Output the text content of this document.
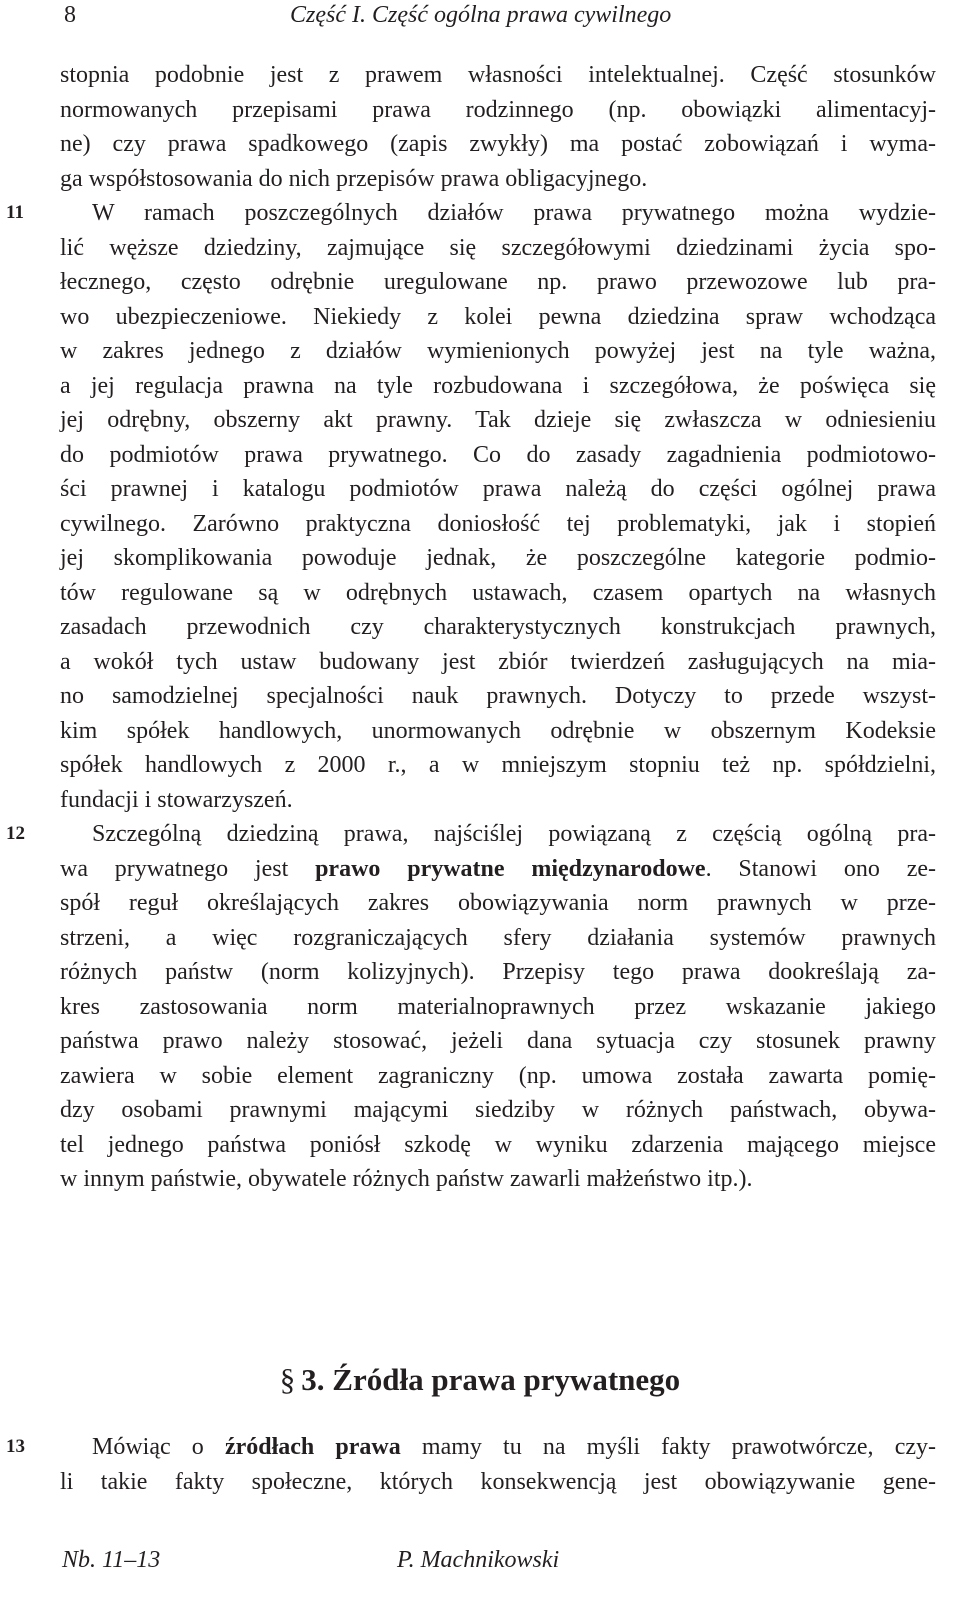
8	Część I. Część ogólna prawa cywilnego
stopnia podobnie jest z prawem własności intelektualnej. Część stosunków
normowanych przepisami prawa rodzinnego (np. obowiązki alimentacyj-
ne) czy prawa spadkowego (zapis zwykły) ma postać zobowiązań i wyma-
ga współstosowania do nich przepisów prawa obligacyjnego.
11	W ramach poszczególnych działów prawa prywatnego można wydzie-
lić węższe dziedziny, zajmujące się szczegółowymi dziedzinami życia spo-
łecznego, często odrębnie uregulowane np. prawo przewozowe lub pra-
wo ubezpieczeniowe. Niekiedy z kolei pewna dziedzina spraw wchodząca
w zakres jednego z działów wymienionych powyżej jest na tyle ważna,
a jej regulacja prawna na tyle rozbudowana i szczegółowa, że poświęca się
jej odrębny, obszerny akt prawny. Tak dzieje się zwłaszcza w odniesieniu
do podmiotów prawa prywatnego. Co do zasady zagadnienia podmiotowo-
ści prawnej i katalogu podmiotów prawa należą do części ogólnej prawa
cywilnego. Zarówno praktyczna doniosłość tej problematyki, jak i stopień
jej skomplikowania powoduje jednak, że poszczególne kategorie podmio-
tów regulowane są w odrębnych ustawach, czasem opartych na własnych
zasadach przewodnich czy charakterystycznych konstrukcjach prawnych,
a wokół tych ustaw budowany jest zbiór twierdzeń zasługujących na mia-
no samodzielnej specjalności nauk prawnych. Dotyczy to przede wszyst-
kim spółek handlowych, unormowanych odrębnie w obszernym Kodeksie
spółek handlowych z 2000 r., a w mniejszym stopniu też np. spółdzielni,
fundacji i stowarzyszeń.
12	Szczególną dziedziną prawa, najściślej powiązaną z częścią ogólną pra-
wa prywatnego jest prawo prywatne międzynarodowe. Stanowi ono ze-
spół reguł określających zakres obowiązywania norm prawnych w prze-
strzeni, a więc rozgraniczających sfery działania systemów prawnych
różnych państw (norm kolizyjnych). Przepisy tego prawa dookreślają za-
kres zastosowania norm materialnoprawnych przez wskazanie jakiego
państwa prawo należy stosować, jeżeli dana sytuacja czy stosunek prawny
zawiera w sobie element zagraniczny (np. umowa została zawarta pomię-
dzy osobami prawnymi mającymi siedziby w różnych państwach, obywa-
tel jednego państwa poniósł szkodę w wyniku zdarzenia mającego miejsce
w innym państwie, obywatele różnych państw zawarli małżeństwo itp.).
§ 3. Źródła prawa prywatnego
13	Mówiąc o źródłach prawa mamy tu na myśli fakty prawotwórcze, czy-
li takie fakty społeczne, których konsekwencją jest obowiązywanie gene-
Nb. 11–13	P. Machnikowski
